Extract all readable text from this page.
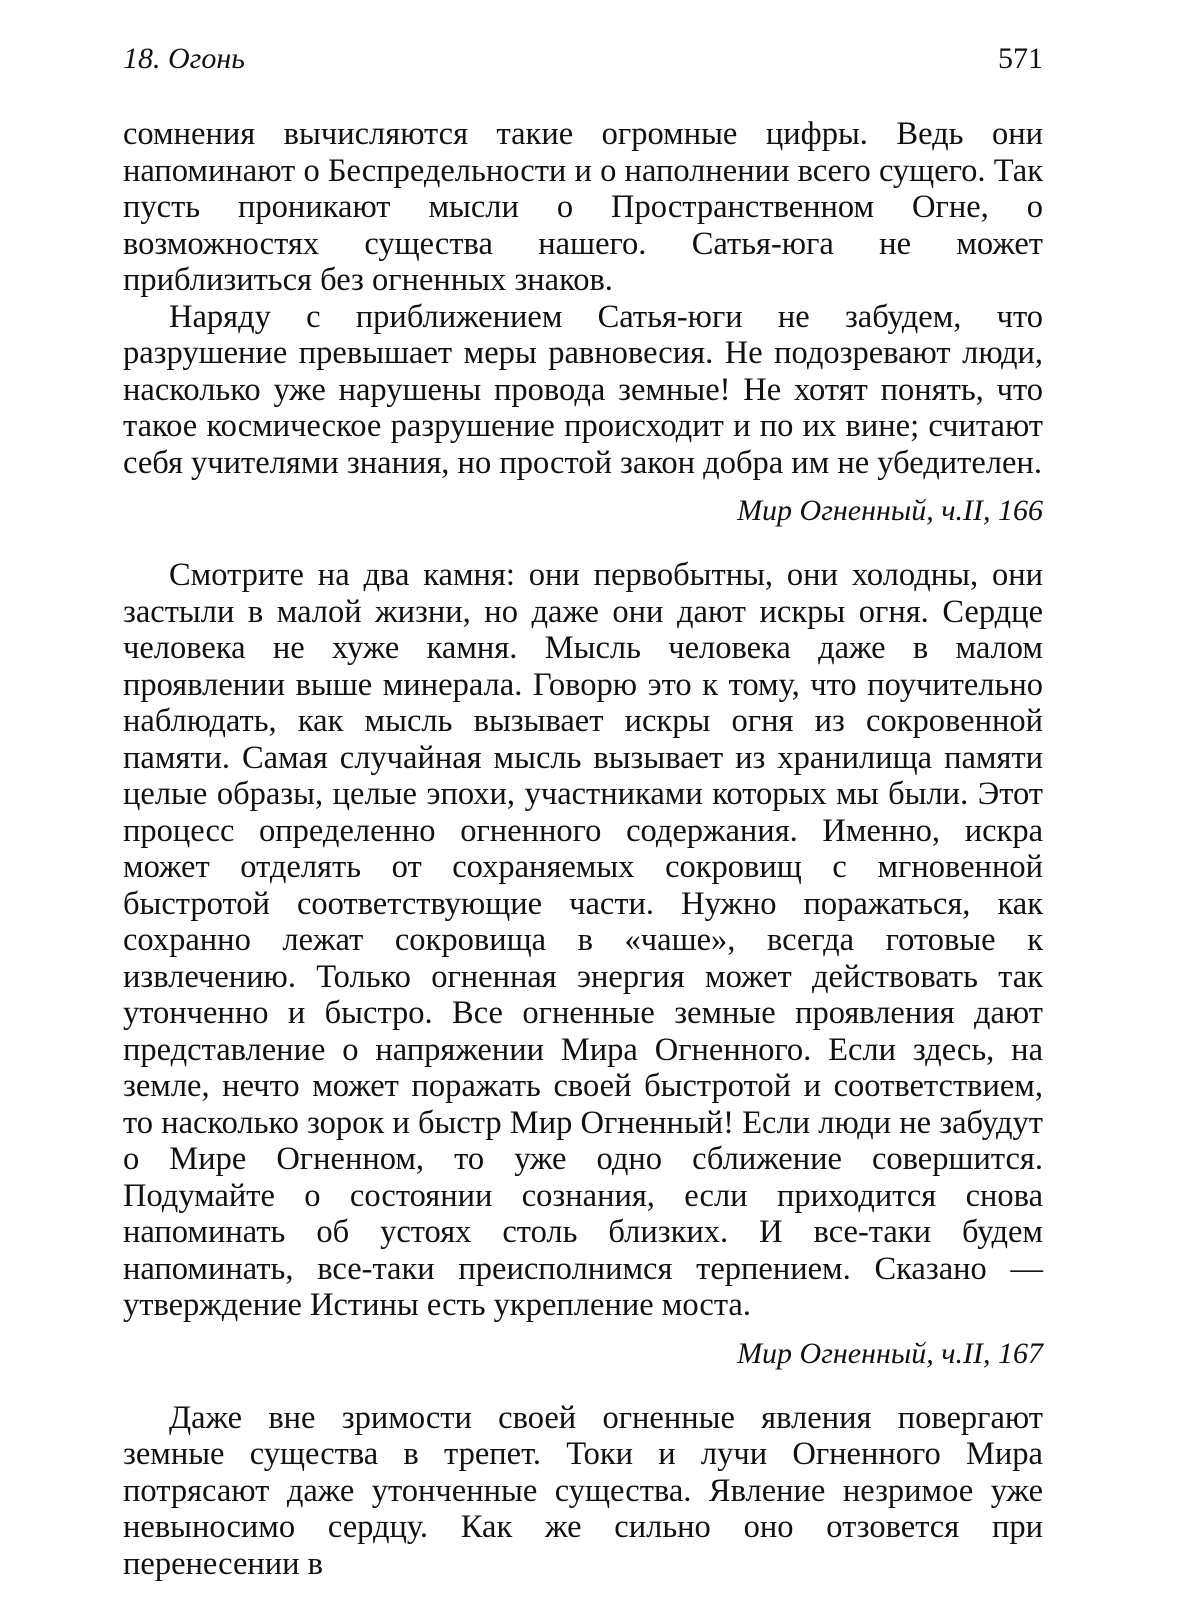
18. Огонь	571

сомнения вычисляются такие огромные цифры. Ведь они напоминают о Беспредельности и о наполнении всего сущего. Так пусть проникают мысли о Пространственном Огне, о возможностях существа нашего. Сатья-юга не может приблизиться без огненных знаков.

Наряду с приближением Сатья-юги не забудем, что разрушение превышает меры равновесия. Не подозревают люди, насколько уже нарушены провода земные! Не хотят понять, что такое космическое разрушение происходит и по их вине; считают себя учителями знания, но простой закон добра им не убедителен.

Мир Огненный, ч.II, 166

Смотрите на два камня: они первобытны, они холодны, они застыли в малой жизни, но даже они дают искры огня. Сердце человека не хуже камня. Мысль человека даже в малом проявлении выше минерала. Говорю это к тому, что поучительно наблюдать, как мысль вызывает искры огня из сокровенной памяти. Самая случайная мысль вызывает из хранилища памяти целые образы, целые эпохи, участниками которых мы были. Этот процесс определенно огненного содержания. Именно, искра может отделять от сохраняемых сокровищ с мгновенной быстротой соответствующие части. Нужно поражаться, как сохранно лежат сокровища в «чаше», всегда готовые к извлечению. Только огненная энергия может действовать так утонченно и быстро. Все огненные земные проявления дают представление о напряжении Мира Огненного. Если здесь, на земле, нечто может поражать своей быстротой и соответствием, то насколько зорок и быстр Мир Огненный! Если люди не забудут о Мире Огненном, то уже одно сближение совершится. Подумайте о состоянии сознания, если приходится снова напоминать об устоях столь близких. И все-таки будем напоминать, все-таки преисполнимся терпением. Сказано — утверждение Истины есть укрепление моста.

Мир Огненный, ч.II, 167

Даже вне зримости своей огненные явления повергают земные существа в трепет. Токи и лучи Огненного Мира потрясают даже утонченные существа. Явление незримое уже невыносимо сердцу. Как же сильно оно отзовется при перенесении в
